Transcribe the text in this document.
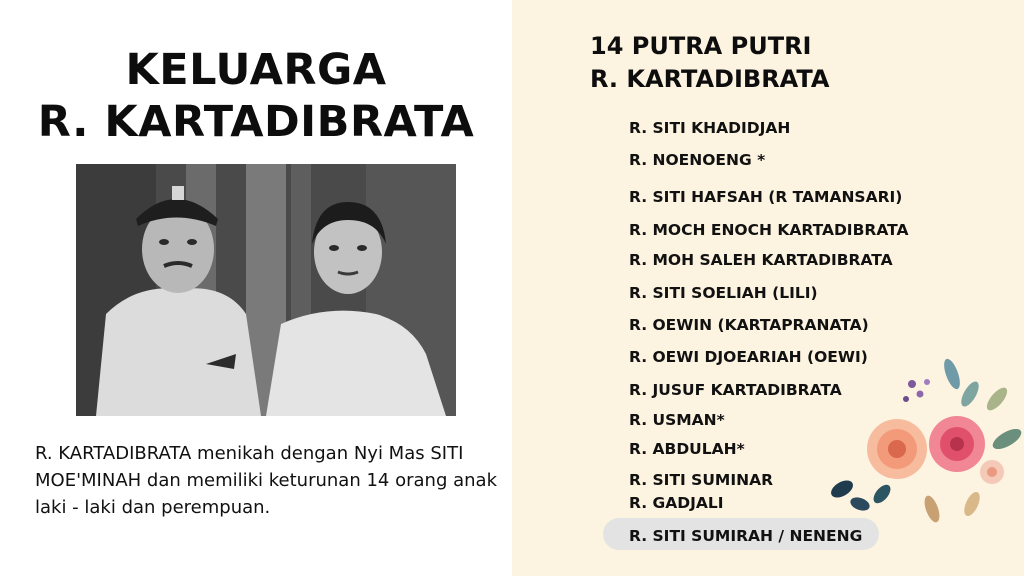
KELUARGA
R. KARTADIBRATA

R. KARTADIBRATA menikah dengan Nyi Mas SITI MOE'MINAH dan memiliki keturunan 14 orang anak laki - laki dan perempuan.

14 PUTRA PUTRI
R. KARTADIBRATA

R. SITI KHADIDJAH

R. NOENOENG *

R. SITI HAFSAH (R TAMANSARI)

R. MOCH ENOCH KARTADIBRATA

R. MOH SALEH KARTADIBRATA

R. SITI SOELIAH (LILI)

R. OEWIN (KARTAPRANATA)

R. OEWI DJOEARIAH (OEWI)

R. JUSUF KARTADIBRATA

R. USMAN*

R. ABDULAH*

R. SITI SUMINAR

R. GADJALI

R. SITI SUMIRAH / NENENG
